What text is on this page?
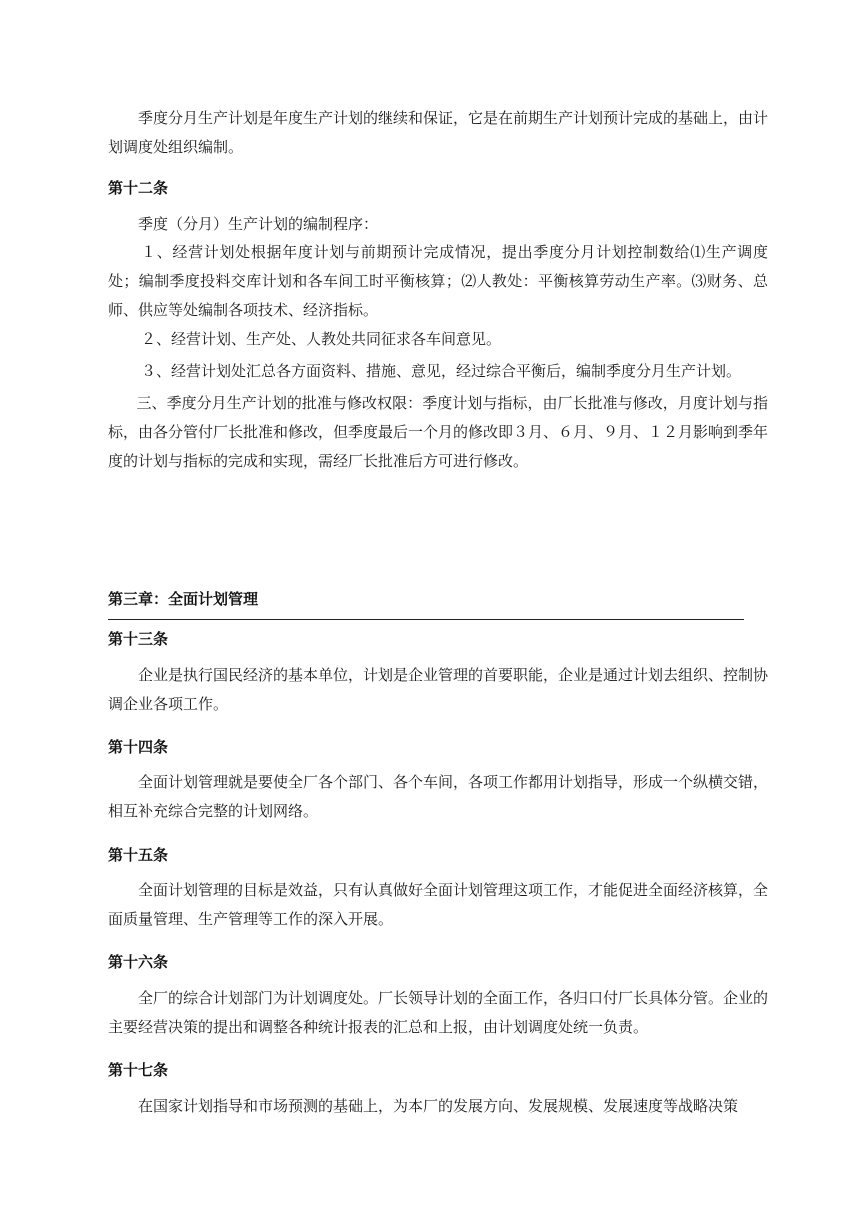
季度分月生产计划是年度生产计划的继续和保证，它是在前期生产计划预计完成的基础上，由计划调度处组织编制。

第十二条

季度（分月）生产计划的编制程序：

１、经营计划处根据年度计划与前期预计完成情况，提出季度分月计划控制数给⑴生产调度处；编制季度投料交库计划和各车间工时平衡核算；⑵人教处：平衡核算劳动生产率。⑶财务、总师、供应等处编制各项技术、经济指标。

２、经营计划、生产处、人教处共同征求各车间意见。

３、经营计划处汇总各方面资料、措施、意见，经过综合平衡后，编制季度分月生产计划。

三、季度分月生产计划的批准与修改权限：季度计划与指标，由厂长批准与修改，月度计划与指标，由各分管付厂长批准和修改，但季度最后一个月的修改即３月、６月、９月、１２月影响到季年度的计划与指标的完成和实现，需经厂长批准后方可进行修改。

第三章：全面计划管理
第十三条

企业是执行国民经济的基本单位，计划是企业管理的首要职能，企业是通过计划去组织、控制协调企业各项工作。

第十四条

全面计划管理就是要使全厂各个部门、各个车间，各项工作都用计划指导，形成一个纵横交错，相互补充综合完整的计划网络。

第十五条

全面计划管理的目标是效益，只有认真做好全面计划管理这项工作，才能促进全面经济核算，全面质量管理、生产管理等工作的深入开展。

第十六条

全厂的综合计划部门为计划调度处。厂长领导计划的全面工作，各归口付厂长具体分管。企业的主要经营决策的提出和调整各种统计报表的汇总和上报，由计划调度处统一负责。

第十七条

在国家计划指导和市场预测的基础上，为本厂的发展方向、发展规模、发展速度等战略决策
